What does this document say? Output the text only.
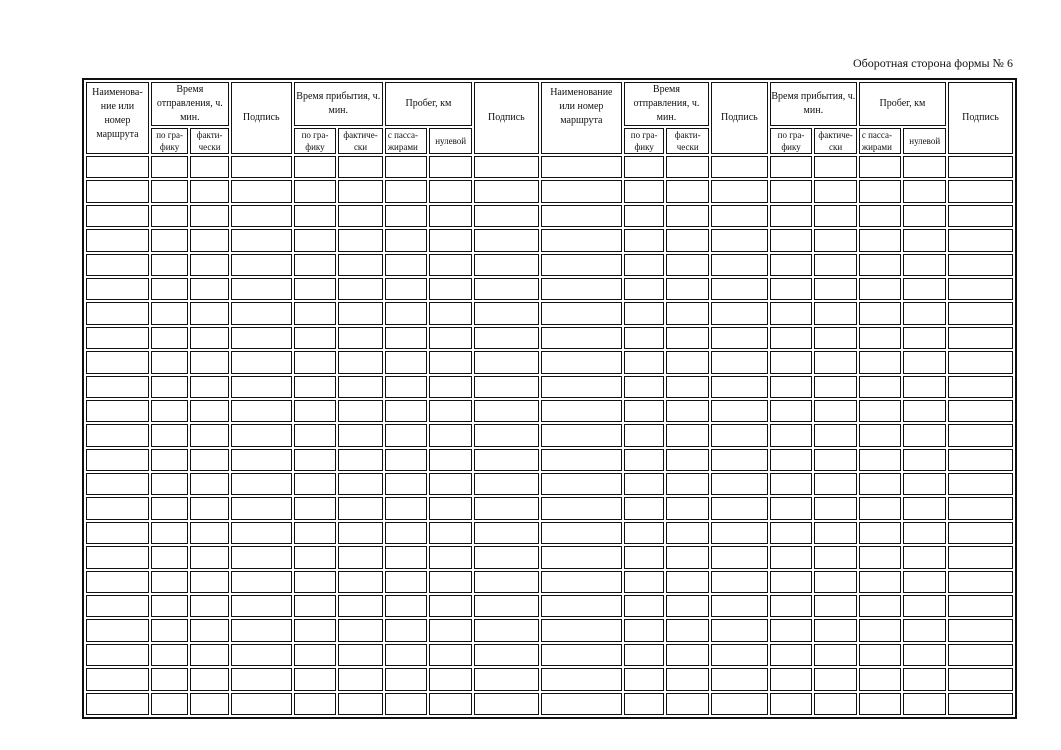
Оборотная сторона формы № 6
Наименова-ние или номер маршрута	Время отправления, ч. мин.		Подпись	Время прибытия, ч. мин.		Пробег, км		Подпись	Наименование или номер маршрута	Время отправления, ч. мин.		Подпись	Время прибытия, ч. мин.		Пробег, км		Подпись

	по гра-фику	факти-чески		по гра-фику	фактиче-ски	с пасса-жирами	нулевой			по гра-фику	факти-чески		по гра-фику	фактиче-ски	с пасса-жирами	нулевой	
